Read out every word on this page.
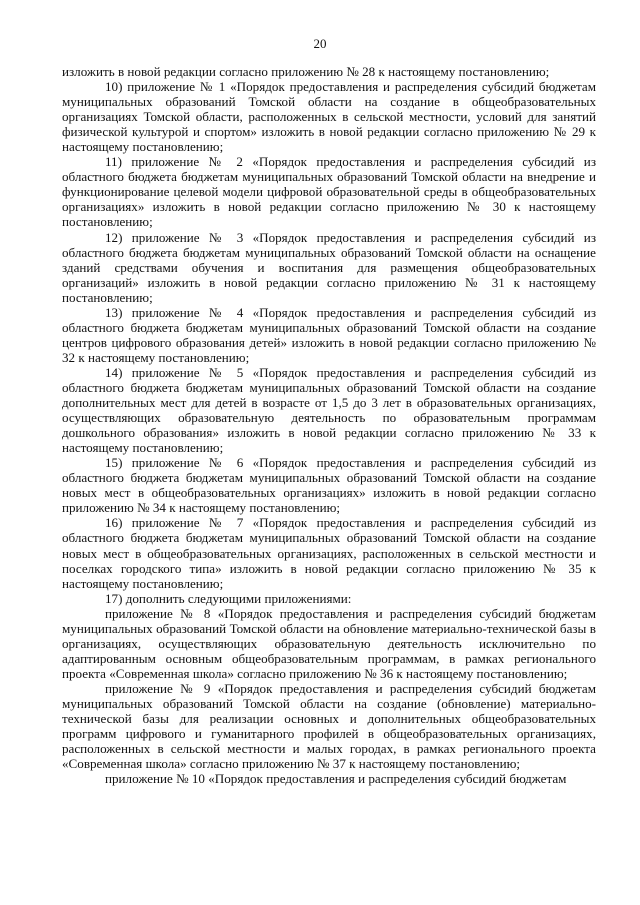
20

изложить в новой редакции согласно приложению № 28 к настоящему постановлению;

10) приложение № 1 «Порядок предоставления и распределения субсидий бюджетам муниципальных образований Томской области на создание в общеобразовательных организациях Томской области, расположенных в сельской местности, условий для занятий физической культурой и спортом» изложить в новой редакции согласно приложению № 29 к настоящему постановлению;

11) приложение № 2 «Порядок предоставления и распределения субсидий из областного бюджета бюджетам муниципальных образований Томской области на внедрение и функционирование целевой модели цифровой образовательной среды в общеобразовательных организациях» изложить в новой редакции согласно приложению № 30 к настоящему постановлению;

12) приложение № 3 «Порядок предоставления и распределения субсидий из областного бюджета бюджетам муниципальных образований Томской области на оснащение зданий средствами обучения и воспитания для размещения общеобразовательных организаций» изложить в новой редакции согласно приложению № 31 к настоящему постановлению;

13) приложение № 4 «Порядок предоставления и распределения субсидий из областного бюджета бюджетам муниципальных образований Томской области на создание центров цифрового образования детей» изложить в новой редакции согласно приложению № 32 к настоящему постановлению;

14) приложение № 5 «Порядок предоставления и распределения субсидий из областного бюджета бюджетам муниципальных образований Томской области на создание дополнительных мест для детей в возрасте от 1,5 до 3 лет в образовательных организациях, осуществляющих образовательную деятельность по образовательным программам дошкольного образования» изложить в новой редакции согласно приложению № 33 к настоящему постановлению;

15) приложение № 6 «Порядок предоставления и распределения субсидий из областного бюджета бюджетам муниципальных образований Томской области на создание новых мест в общеобразовательных организациях» изложить в новой редакции согласно приложению № 34 к настоящему постановлению;

16) приложение № 7 «Порядок предоставления и распределения субсидий из областного бюджета бюджетам муниципальных образований Томской области на создание новых мест в общеобразовательных организациях, расположенных в сельской местности и поселках городского типа» изложить в новой редакции согласно приложению № 35 к настоящему постановлению;

17) дополнить следующими приложениями:

приложение № 8 «Порядок предоставления и распределения субсидий бюджетам муниципальных образований Томской области на обновление материально-технической базы в организациях, осуществляющих образовательную деятельность исключительно по адаптированным основным общеобразовательным программам, в рамках регионального проекта «Современная школа» согласно приложению № 36 к настоящему постановлению;

приложение № 9 «Порядок предоставления и распределения субсидий бюджетам муниципальных образований Томской области на создание (обновление) материально-технической базы для реализации основных и дополнительных общеобразовательных программ цифрового и гуманитарного профилей в общеобразовательных организациях, расположенных в сельской местности и малых городах, в рамках регионального проекта «Современная школа» согласно приложению № 37 к настоящему постановлению;

приложение № 10 «Порядок предоставления и распределения субсидий бюджетам
